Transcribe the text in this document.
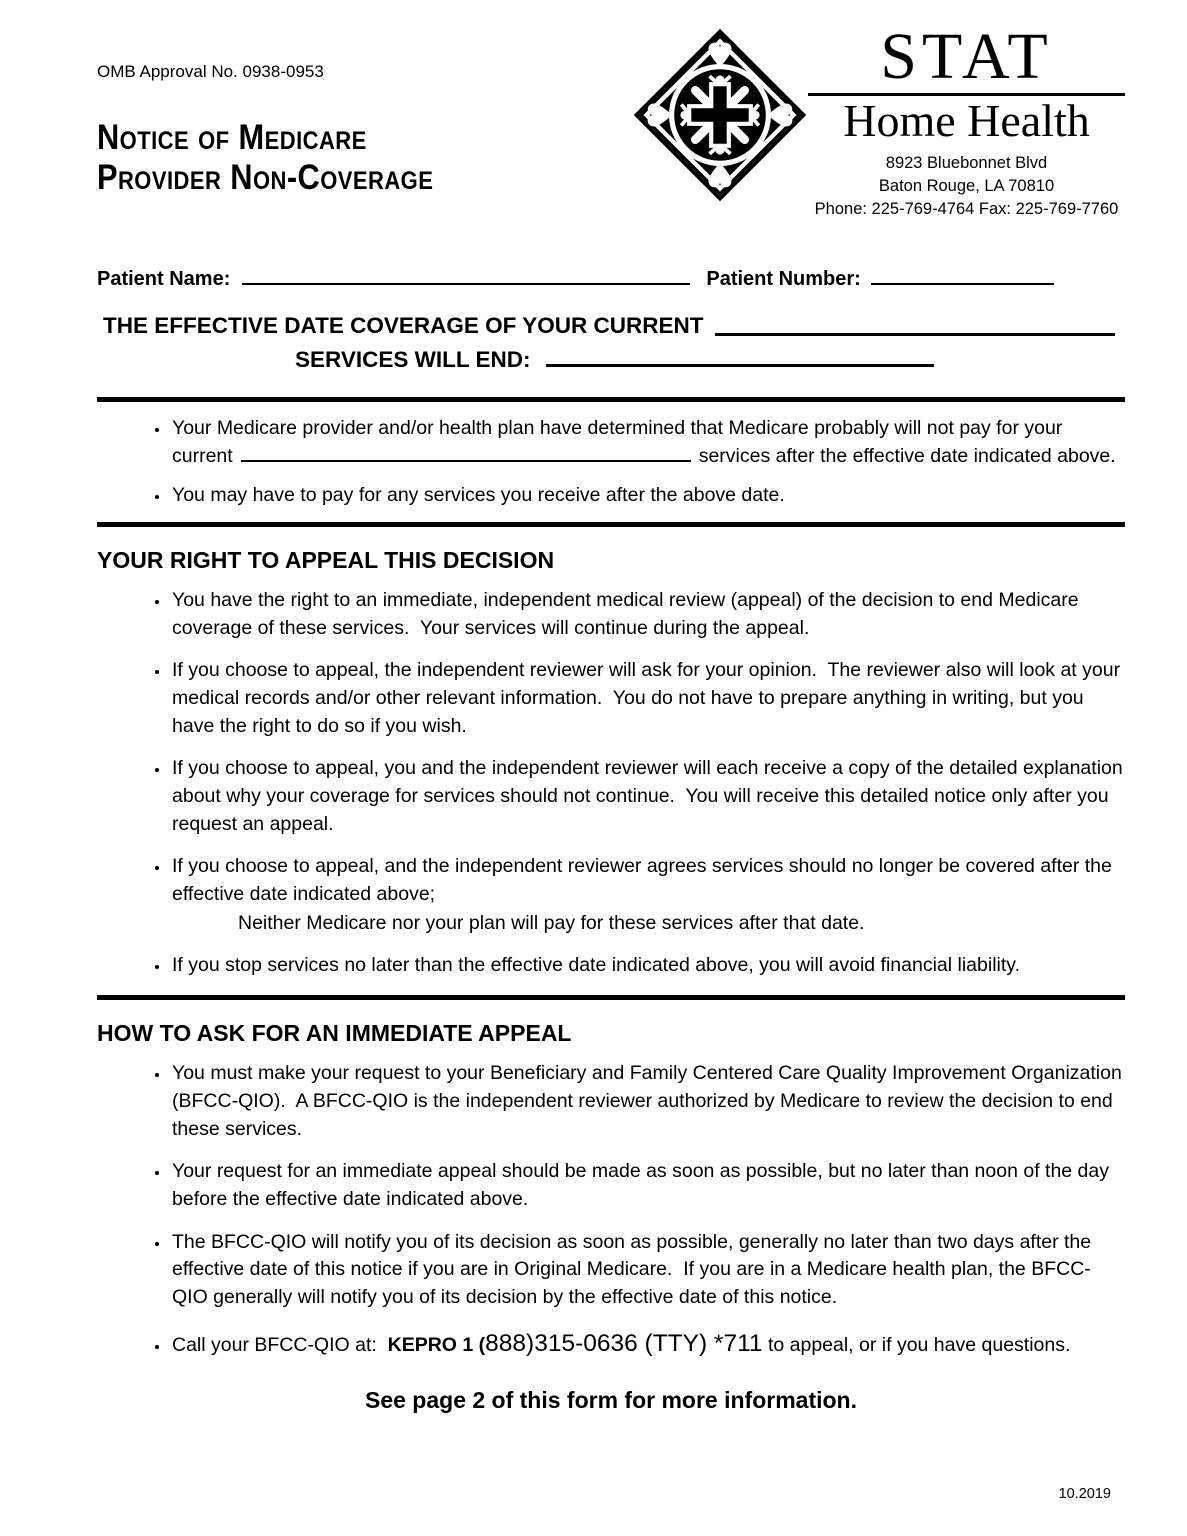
OMB Approval No. 0938-0953
Notice of Medicare
Provider Non-Coverage
STAT
Home Health
8923 Bluebonnet Blvd
Baton Rouge, LA 70810
Phone: 225-769-4764 Fax: 225-769-7760
Patient Name:	Patient Number:
THE EFFECTIVE DATE COVERAGE OF YOUR CURRENT
SERVICES WILL END:
• Your Medicare provider and/or health plan have determined that Medicare probably will not pay for your current	services after the effective date indicated above.
• You may have to pay for any services you receive after the above date.
YOUR RIGHT TO APPEAL THIS DECISION
• You have the right to an immediate, independent medical review (appeal) of the decision to end Medicare coverage of these services.  Your services will continue during the appeal.
• If you choose to appeal, the independent reviewer will ask for your opinion.  The reviewer also will look at your medical records and/or other relevant information.  You do not have to prepare anything in writing, but you have the right to do so if you wish.
• If you choose to appeal, you and the independent reviewer will each receive a copy of the detailed explanation about why your coverage for services should not continue.  You will receive this detailed notice only after you request an appeal.
• If you choose to appeal, and the independent reviewer agrees services should no longer be covered after the effective date indicated above;
Neither Medicare nor your plan will pay for these services after that date.
• If you stop services no later than the effective date indicated above, you will avoid financial liability.
HOW TO ASK FOR AN IMMEDIATE APPEAL
• You must make your request to your Beneficiary and Family Centered Care Quality Improvement Organization (BFCC-QIO).  A BFCC-QIO is the independent reviewer authorized by Medicare to review the decision to end these services.
• Your request for an immediate appeal should be made as soon as possible, but no later than noon of the day before the effective date indicated above.
• The BFCC-QIO will notify you of its decision as soon as possible, generally no later than two days after the effective date of this notice if you are in Original Medicare.  If you are in a Medicare health plan, the BFCC-QIO generally will notify you of its decision by the effective date of this notice.
• Call your BFCC-QIO at:  KEPRO 1 (888)315-0636 (TTY) *711 to appeal, or if you have questions.
See page 2 of this form for more information.
10.2019
